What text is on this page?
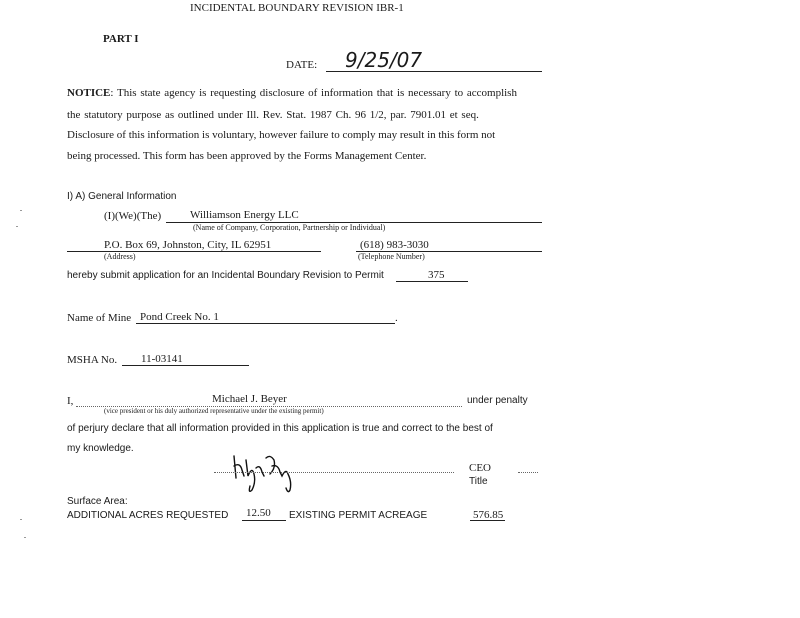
INCIDENTAL BOUNDARY REVISION IBR-1
PART I
DATE: 9/25/07
NOTICE: This state agency is requesting disclosure of information that is necessary to accomplish
the statutory purpose as outlined under Ill. Rev. Stat. 1987 Ch. 96 1/2, par. 7901.01 et seq.
Disclosure of this information is voluntary, however failure to comply may result in this form not
being processed. This form has been approved by the Forms Management Center.
I) A) General Information
(I)(We)(The)	Williamson Energy LLC
(Name of Company, Corporation, Partnership or Individual)
P.O. Box 69, Johnston, City, IL 62951
(Address)
(618) 983-3030
(Telephone Number)
hereby submit application for an Incidental Boundary Revision to Permit	375
Name of Mine Pond Creek No. 1	.
MSHA No. 11-03141
I,	Michael J. Beyer	under penalty
(vice president or his duly authorized representative under the existing permit)
of perjury declare that all information provided in this application is true and correct to the best of
my knowledge.
CEO
Title
Surface Area:
ADDITIONAL ACRES REQUESTED 12.50 EXISTING PERMIT ACREAGE	576.85
